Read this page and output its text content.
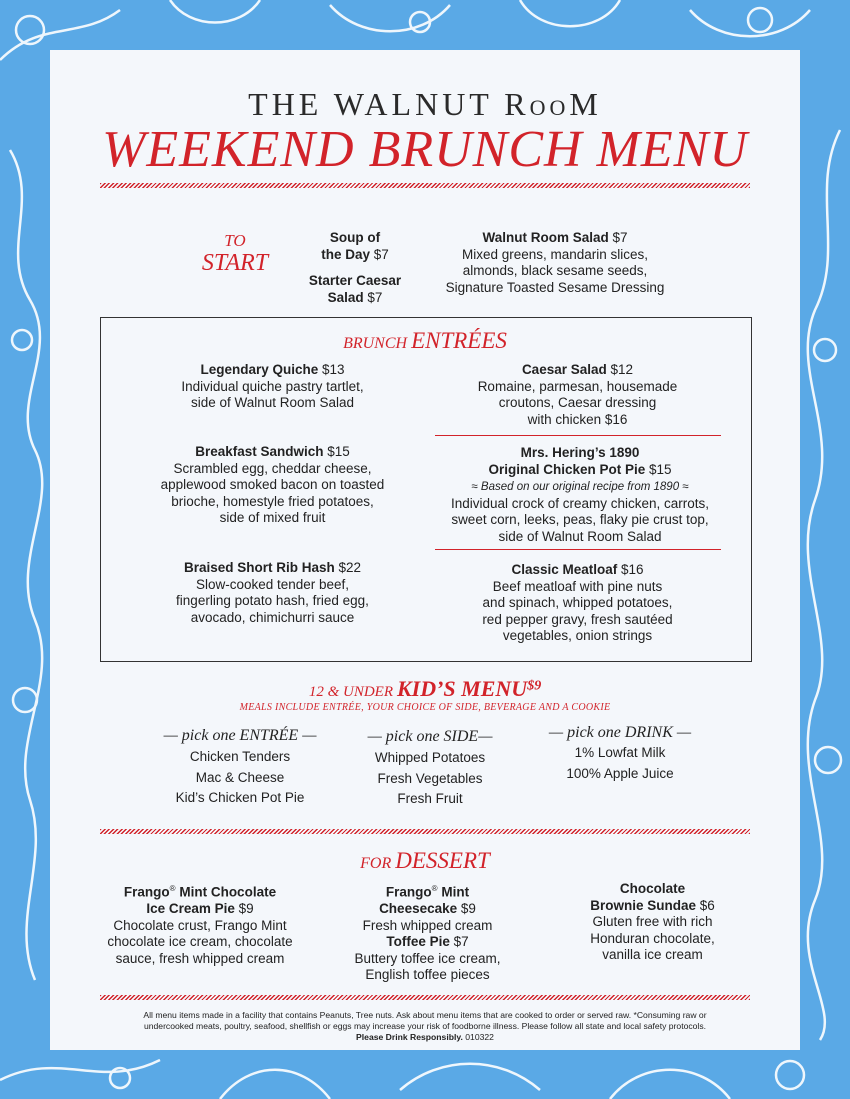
THE WALNUT ROOM
WEEKEND BRUNCH MENU
TO
START
Soup of
the Day $7
Starter Caesar
Salad $7
Walnut Room Salad $7
Mixed greens, mandarin slices,
almonds, black sesame seeds,
Signature Toasted Sesame Dressing
BRUNCH ENTRÉES
Legendary Quiche $13
Individual quiche pastry tartlet,
side of Walnut Room Salad
Caesar Salad $12
Romaine, parmesan, housemade
croutons, Caesar dressing
with chicken $16
Breakfast Sandwich $15
Scrambled egg, cheddar cheese,
applewood smoked bacon on toasted
brioche, homestyle fried potatoes,
side of mixed fruit
Mrs. Hering’s 1890
Original Chicken Pot Pie $15
≈ Based on our original recipe from 1890 ≈
Individual crock of creamy chicken, carrots,
sweet corn, leeks, peas, flaky pie crust top,
side of Walnut Room Salad
Braised Short Rib Hash $22
Slow-cooked tender beef,
fingerling potato hash, fried egg,
avocado, chimichurri sauce
Classic Meatloaf $16
Beef meatloaf with pine nuts
and spinach, whipped potatoes,
red pepper gravy, fresh sautéed
vegetables, onion strings
12 & UNDER KID’S $MENU^{\$9}$
MEALS INCLUDE ENTRÉE, YOUR CHOICE OF SIDE, BEVERAGE AND A COOKIE
— pick one ENTRÉE —
Chicken Tenders
Mac & Cheese
Kid’s Chicken Pot Pie
— pick one SIDE—
Whipped Potatoes
Fresh Vegetables
Fresh Fruit
— pick one DRINK —
1% Lowfat Milk
100% Apple Juice
FOR DESSERT
Frango® Mint Chocolate
Ice Cream Pie $9
Chocolate crust, Frango Mint
chocolate ice cream, chocolate
sauce, fresh whipped cream
Frango® Mint
Cheesecake $9
Fresh whipped cream
Toffee Pie $7
Buttery toffee ice cream,
English toffee pieces
Chocolate
Brownie Sundae $6
Gluten free with rich
Honduran chocolate,
vanilla ice cream
All menu items made in a facility that contains Peanuts, Tree nuts. Ask about menu items that are cooked to order or served raw. *Consuming raw or
undercooked meats, poultry, seafood, shellfish or eggs may increase your risk of foodborne illness. Please follow all state and local safety protocols.
Please Drink Responsibly. 010322
